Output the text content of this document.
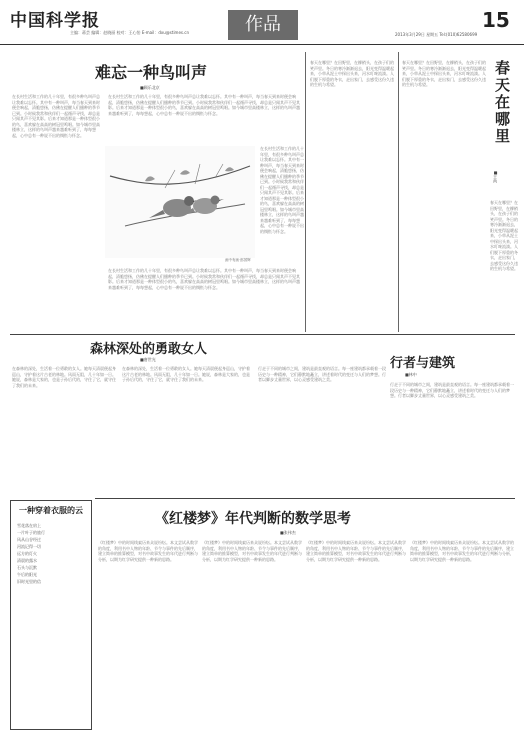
中国科学报
主编：蒋芸 编辑：赵晓丽 校对：王心怡 E-mail：dxu@stimes.cn	作品	15
2013年3月29日 星期五 Tel:(010)62580699
难忘一种鸟叫声
■顾乐北京
在长村生活和工作的几十年里，有很多种鸟叫声总让我难以忘怀。其中有一种叫声，每当春天到来时便会响起，清脆悠扬，仿佛在提醒人们播种的季节已到。小时候我常和伙伴们一起循声寻找，却总是只闻其声不见其影。后来才知道那是一种体型很小的鸟，喜欢躲在高高的树冠里鸣唱。如今城市里高楼林立，这样的鸟叫声越来越难听到了，每每想起，心中总有一种说不出的惆怅与怀念。
在长村生活和工作的几十年里，有很多种鸟叫声总让我难以忘怀。其中有一种叫声，每当春天到来时便会响起，清脆悠扬，仿佛在提醒人们播种的季节已到。小时候我常和伙伴们一起循声寻找，却总是只闻其声不见其影。后来才知道那是一种体型很小的鸟，喜欢躲在高高的树冠里鸣唱。如今城市里高楼林立，这样的鸟叫声越来越难听到了，每每想起，心中总有一种说不出的惆怅与怀念。
在长村生活和工作的几十年里，有很多种鸟叫声总让我难以忘怀。其中有一种叫声，每当春天到来时便会响起，清脆悠扬，仿佛在提醒人们播种的季节已到。小时候我常和伙伴们一起循声寻找，却总是只闻其声不见其影。后来才知道那是一种体型很小的鸟，喜欢躲在高高的树冠里鸣唱。如今城市里高楼林立，这样的鸟叫声越来越难听到了，每每想起，心中总有一种说不出的惆怅与怀念。
在长村生活和工作的几十年里，有很多种鸟叫声总让我难以忘怀。其中有一种叫声，每当春天到来时便会响起，清脆悠扬，仿佛在提醒人们播种的季节已到。小时候我常和伙伴们一起循声寻找，却总是只闻其声不见其影。后来才知道那是一种体型很小的鸟，喜欢躲在高高的树冠里鸣唱。如今城市里高楼林立，这样的鸟叫声越来越难听到了，每每想起，心中总有一种说不出的惆怅与怀念。
画中有画·郎国辉
春天在哪里？在田野里，在柳梢头，在孩子们的笑声里。冬日的寒冷渐渐退去，阳光变得温暖起来，小草从泥土中探出头来，河水叮咚流淌。人们脱下厚重的冬衣，走出家门，去感受这份久违的生机与希望。
春天在哪里？在田野里，在柳梢头，在孩子们的笑声里。冬日的寒冷渐渐退去，阳光变得温暖起来，小草从泥土中探出头来，河水叮咚流淌。人们脱下厚重的冬衣，走出家门，去感受这份久违的生机与希望。	春天在哪里
■王尚
春天在哪里？在田野里，在柳梢头，在孩子们的笑声里。冬日的寒冷渐渐退去，阳光变得温暖起来，小草从泥土中探出头来，河水叮咚流淌。人们脱下厚重的冬衣，走出家门，去感受这份久违的生机与希望。
森林深处的勇敢女人
■唐世光
在森林的深处，生活着一位勇敢的女人。她每天清晨便起身巡山，守护着这片古老的林地。风雨无阻，几十年如一日。她说，森林是大家的，也是子孙后代的，守住了它，就守住了我们的未来。
在森林的深处，生活着一位勇敢的女人。她每天清晨便起身巡山，守护着这片古老的林地。风雨无阻，几十年如一日。她说，森林是大家的，也是子孙后代的，守住了它，就守住了我们的未来。
行者与建筑
■林中
行走于不同的城市之间，建筑是最直观的语言。每一座建筑都承载着一段历史与一种精神，它们静默地矗立，讲述着时代的变迁与人们的梦想。行者以脚步丈量世界，以心灵感受建筑之美。
行走于不同的城市之间，建筑是最直观的语言。每一座建筑都承载着一段历史与一种精神，它们静默地矗立，讲述着时代的变迁与人们的梦想。行者以脚步丈量世界，以心灵感受建筑之美。
一种穿着衣服的云
雪花落在肩上
一片叶子的旅行
风从山谷经过
河流记得一切
远方的灯火
清晨的露水
石头与沉默
午后的阳光
旧时光里的信
《红楼梦》年代判断的数学思考
■张伟杰
《红楼梦》中的时间线索历来众说纷纭。本文尝试从数学的角度，利用书中人物的年龄、节令与事件的先后顺序，建立简单的推算模型，对书中故事发生的年代进行判断与分析，以期为红学研究提供一种新的思路。
《红楼梦》中的时间线索历来众说纷纭。本文尝试从数学的角度，利用书中人物的年龄、节令与事件的先后顺序，建立简单的推算模型，对书中故事发生的年代进行判断与分析，以期为红学研究提供一种新的思路。
《红楼梦》中的时间线索历来众说纷纭。本文尝试从数学的角度，利用书中人物的年龄、节令与事件的先后顺序，建立简单的推算模型，对书中故事发生的年代进行判断与分析，以期为红学研究提供一种新的思路。
《红楼梦》中的时间线索历来众说纷纭。本文尝试从数学的角度，利用书中人物的年龄、节令与事件的先后顺序，建立简单的推算模型，对书中故事发生的年代进行判断与分析，以期为红学研究提供一种新的思路。
